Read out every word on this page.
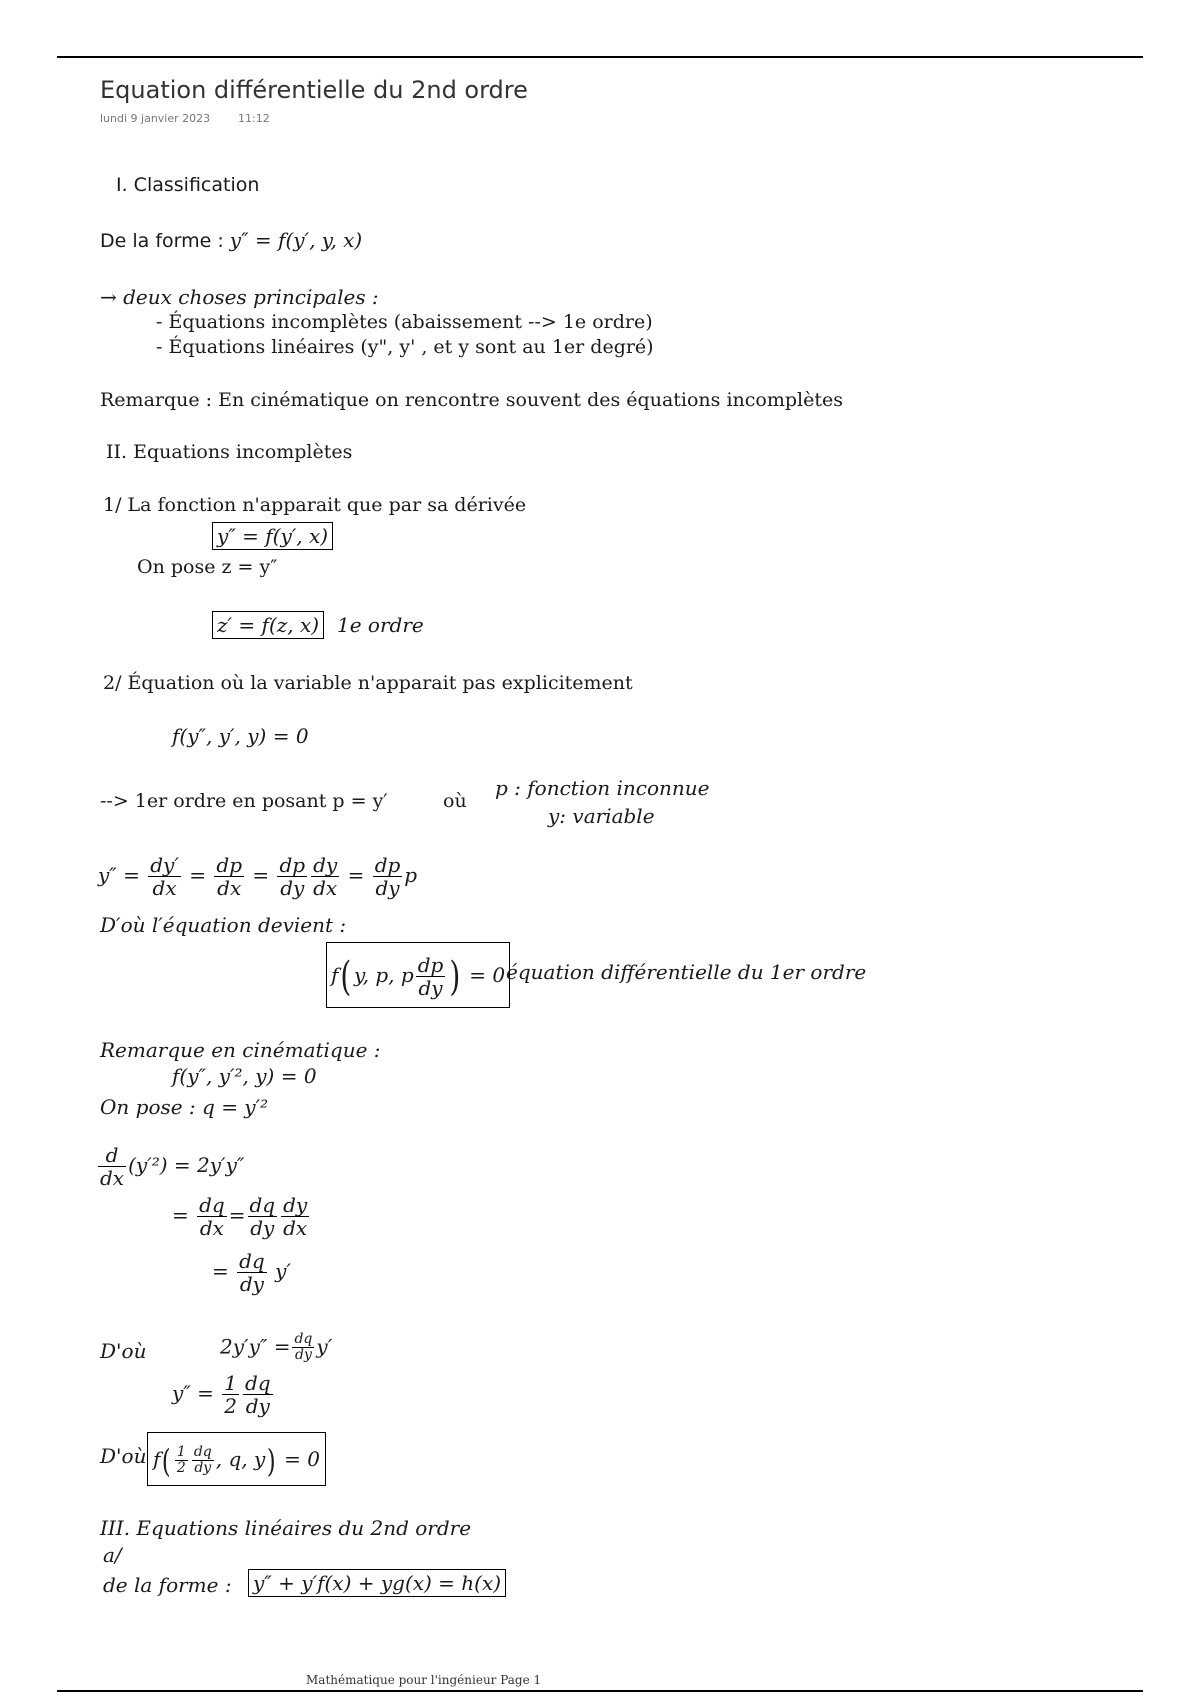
Equation différentielle du 2nd ordre
lundi 9 janvier 2023	11:12
I. Classification
De la forme : y″ = f(y′, y, x)
→ deux choses principales :
- Équations incomplètes (abaissement --> 1e ordre)
- Équations linéaires (y", y' , et y sont au 1er degré)
Remarque : En cinématique on rencontre souvent des équations incomplètes
II. Equations incomplètes
1/ La fonction n'apparait que par sa dérivée
y″ = f(y′, x)
On pose z = y″
z′ = f(z, x) 1e ordre
2/ Équation où la variable n'apparait pas explicitement
f(y″, y′, y) = 0
--> 1er ordre en posant p = y′	où
p : fonction inconnue
y: variable
$y'' = \frac{dy'}{dx} = \frac{dp}{dx} = \frac{dp}{dy} \frac{dy}{dx} = \frac{dp}{dy}$ p
D′où l′équation devient :
f( y, p, p $\frac{dp}{dy}$ ) = 0 équation différentielle du 1er ordre
Remarque en cinématique :
f(y″, y′², y) = 0
On pose : q = y′²
$\frac{d}{dx} (y'^2) = 2y'y''$
= $\frac{dq}{dx} = \frac{dq}{dy} \frac{dy}{dx}$
= $\frac{dq}{dy} y'$
D'où	$2y'y'' = \frac{dq}{dy} y'$
$y'' = \frac{1}{2} \frac{dq}{dy}$
D'où $f( \frac{1}{2} \frac{dq}{dy}$ , q, y) = 0
III. Equations linéaires du 2nd ordre
a/
de la forme : y″ + y′f(x) + yg(x) = h(x)
Mathématique pour l'ingénieur Page 1
